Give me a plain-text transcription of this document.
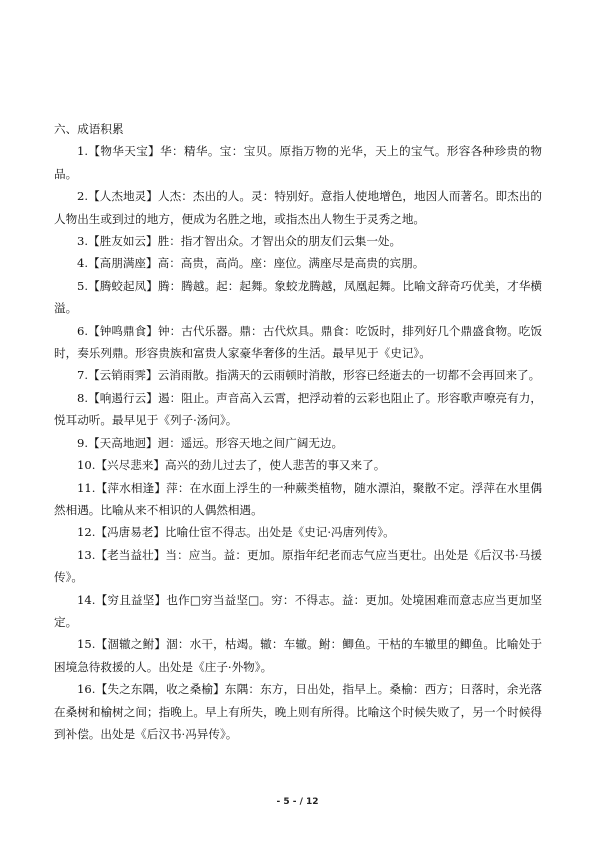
六、成语积累

1.【物华天宝】华：精华。宝：宝贝。原指万物的光华，天上的宝气。形容各种珍贵的物品。

2.【人杰地灵】人杰：杰出的人。灵：特别好。意指人使地增色，地因人而著名。即杰出的人物出生或到过的地方，便成为名胜之地，或指杰出人物生于灵秀之地。

3.【胜友如云】胜：指才智出众。才智出众的朋友们云集一处。

4.【高朋满座】高：高贵，高尚。座：座位。满座尽是高贵的宾朋。

5.【腾蛟起凤】腾：腾越。起：起舞。象蛟龙腾越，凤凰起舞。比喻文辞奇巧优美，才华横溢。

6.【钟鸣鼎食】钟：古代乐器。鼎：古代炊具。鼎食：吃饭时，排列好几个鼎盛食物。吃饭时，奏乐列鼎。形容贵族和富贵人家豪华奢侈的生活。最早见于《史记》。

7.【云销雨霁】云消雨散。指满天的云雨顿时消散，形容已经逝去的一切都不会再回来了。

8.【响遏行云】遏：阻止。声音高入云霄，把浮动着的云彩也阻止了。形容歌声嘹亮有力，悦耳动听。最早见于《列子·汤问》。

9.【天高地迥】迥：遥远。形容天地之间广阔无边。

10.【兴尽悲来】高兴的劲儿过去了，使人悲苦的事又来了。

11.【萍水相逢】萍：在水面上浮生的一种蕨类植物，随水漂泊，聚散不定。浮萍在水里偶然相遇。比喻从来不相识的人偶然相遇。

12.【冯唐易老】比喻仕宦不得志。出处是《史记·冯唐列传》。

13.【老当益壮】当：应当。益：更加。原指年纪老而志气应当更壮。出处是《后汉书·马援传》。

14.【穷且益坚】也作□穷当益坚□。穷：不得志。益：更加。处境困难而意志应当更加坚定。

15.【涸辙之鲋】涸：水干，枯竭。辙：车辙。鲋：鲫鱼。干枯的车辙里的鲫鱼。比喻处于困境急待救援的人。出处是《庄子·外物》。

16.【失之东隅，收之桑榆】东隅：东方，日出处，指早上。桑榆：西方；日落时，余光落在桑树和榆树之间；指晚上。早上有所失，晚上则有所得。比喻这个时候失败了，另一个时候得到补偿。出处是《后汉书·冯异传》。

- 5 - / 12
